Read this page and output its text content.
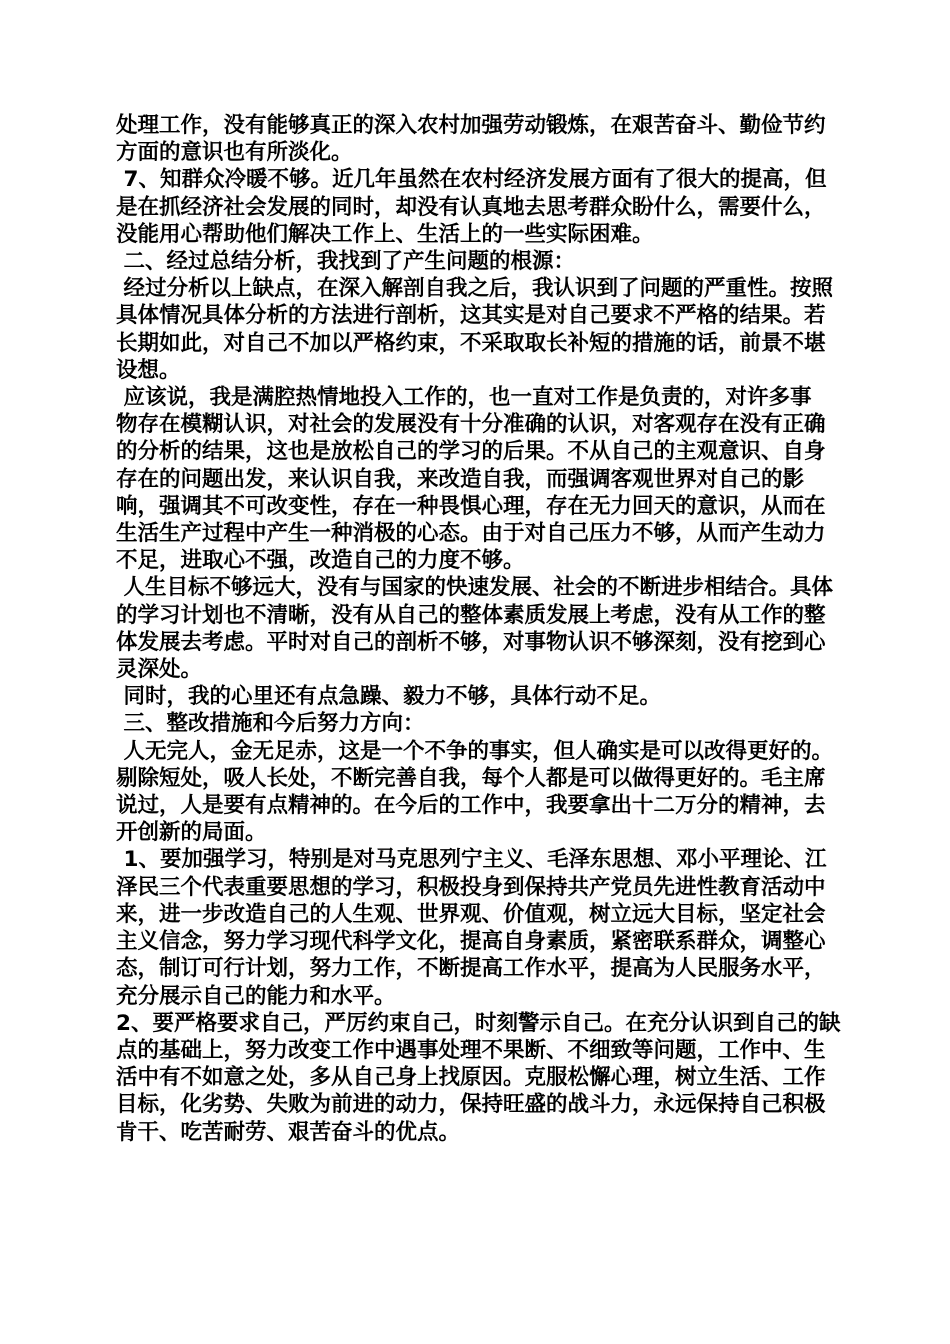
处理工作，没有能够真正的深入农村加强劳动锻炼，在艰苦奋斗、勤俭节约方面的意识也有所淡化。

7、知群众冷暖不够。近几年虽然在农村经济发展方面有了很大的提高，但是在抓经济社会发展的同时，却没有认真地去思考群众盼什么，需要什么，没能用心帮助他们解决工作上、生活上的一些实际困难。

二、经过总结分析，我找到了产生问题的根源：

经过分析以上缺点，在深入解剖自我之后，我认识到了问题的严重性。按照具体情况具体分析的方法进行剖析，这其实是对自己要求不严格的结果。若长期如此，对自己不加以严格约束，不采取取长补短的措施的话，前景不堪设想。

应该说，我是满腔热情地投入工作的，也一直对工作是负责的，对许多事

物存在模糊认识，对社会的发展没有十分准确的认识，对客观存在没有正确的分析的结果，这也是放松自己的学习的后果。不从自己的主观意识、自身存在的问题出发，来认识自我，来改造自我，而强调客观世界对自己的影响，强调其不可改变性，存在一种畏惧心理，存在无力回天的意识，从而在生活生产过程中产生一种消极的心态。由于对自己压力不够，从而产生动力不足，进取心不强，改造自己的力度不够。

人生目标不够远大，没有与国家的快速发展、社会的不断进步相结合。具体的学习计划也不清晰，没有从自己的整体素质发展上考虑，没有从工作的整体发展去考虑。平时对自己的剖析不够，对事物认识不够深刻，没有挖到心灵深处。

同时，我的心里还有点急躁、毅力不够，具体行动不足。

三、整改措施和今后努力方向：

人无完人，金无足赤，这是一个不争的事实，但人确实是可以改得更好的。剔除短处，吸人长处，不断完善自我，每个人都是可以做得更好的。毛主席说过，人是要有点精神的。在今后的工作中，我要拿出十二万分的精神，去开创新的局面。

1、要加强学习，特别是对马克思列宁主义、毛泽东思想、邓小平理论、江泽民三个代表重要思想的学习，积极投身到保持共产党员先进性教育活动中来，进一步改造自己的人生观、世界观、价值观，树立远大目标，坚定社会主义信念，努力学习现代科学文化，提高自身素质，紧密联系群众，调整心态，制订可行计划，努力工作，不断提高工作水平，提高为人民服务水平，充分展示自己的能力和水平。

2、要严格要求自己，严厉约束自己，时刻警示自己。在充分认识到自己的缺点的基础上，努力改变工作中遇事处理不果断、不细致等问题，工作中、生活中有不如意之处，多从自己身上找原因。克服松懈心理，树立生活、工作目标，化劣势、失败为前进的动力，保持旺盛的战斗力，永远保持自己积极肯干、吃苦耐劳、艰苦奋斗的优点。
